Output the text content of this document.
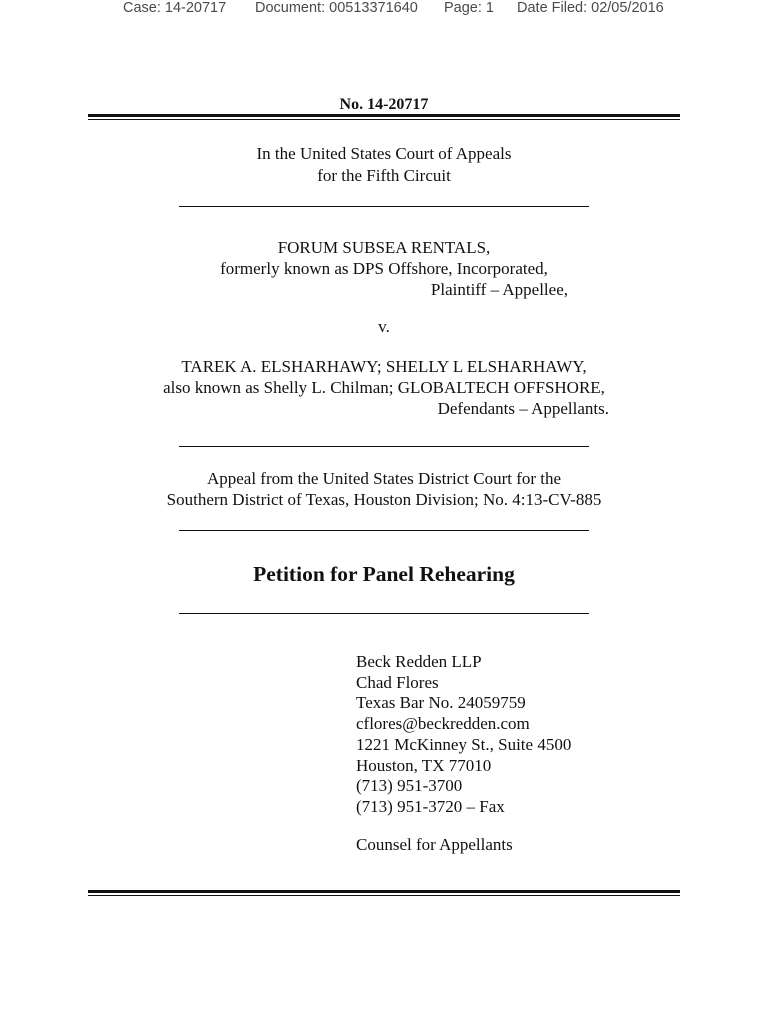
Case: 14-20717 Document: 00513371640 Page: 1 Date Filed: 02/05/2016
No. 14-20717
In the United States Court of Appeals
for the Fifth Circuit
FORUM SUBSEA RENTALS,
formerly known as DPS Offshore, Incorporated,
Plaintiff – Appellee,
v.
TAREK A. ELSHARHAWY; SHELLY L ELSHARHAWY,
also known as Shelly L. Chilman; GLOBALTECH OFFSHORE,
Defendants – Appellants.
Appeal from the United States District Court for the
Southern District of Texas, Houston Division; No. 4:13-CV-885
Petition for Panel Rehearing
Beck Redden LLP
Chad Flores
Texas Bar No. 24059759
cflores@beckredden.com
1221 McKinney St., Suite 4500
Houston, TX 77010
(713) 951-3700
(713) 951-3720 – Fax
Counsel for Appellants
